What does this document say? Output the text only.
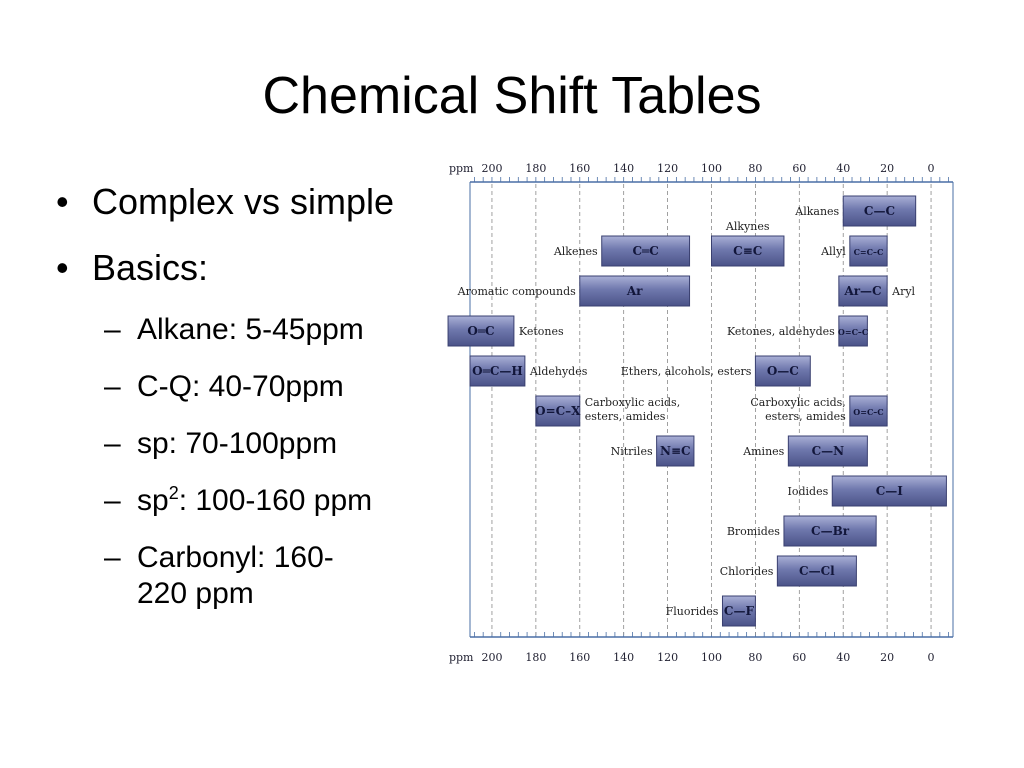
Chemical Shift Tables
• Complex vs simple
• Basics:
– Alkane: 5-45ppm
– C-Q: 40-70ppm
– sp: 70-100ppm
– $sp^2$: 100-160 ppm
– Carbonyl: 160-
220 ppm
200
200
180
180
160
160
140
140
120
120
100
100
80
80
60
60
40
40
20
20
0
0
ppm
ppm
C—C
Alkanes
C≡C
Alkynes
C═C
Alkenes	C=C–C
Allyl
Ar
Aromatic compounds	Ar—C Aryl
O═C Ketones	O=C–C
Ketones, aldehydes
O═C—H Aldehydes	O—C
Ethers, alcohols, esters
O=C–X
Carboxylic acids,
esters, amides	O=C–C
Carboxylic acids,
esters, amides
N≡C
Nitriles	C—N
Amines
C—I
Iodides
C—Br
Bromides
C—Cl
Chlorides
C—F
Fluorides
